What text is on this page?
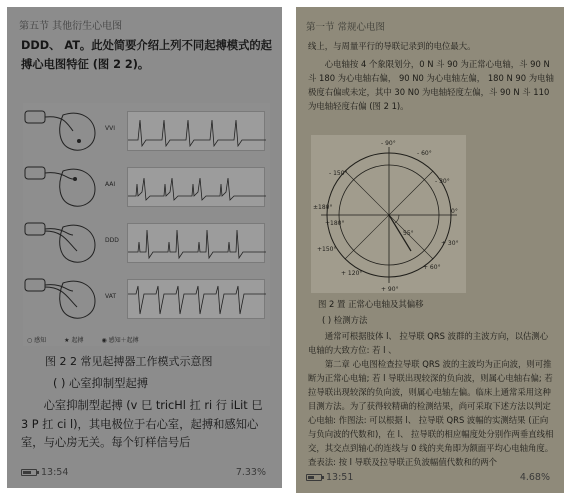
第五节 其他衍生心电图
DDD、 AT。此处简要介绍上列不同起搏模式的起搏心电图特征 (图 2 2)。
VVI
AAI
DDD
VAT
○ 感知	★ 起搏	◉ 感知＋起搏
图 2 2 常见起搏器工作模式示意图
( ) 心室抑制型起搏
心室抑制型起搏 (v 巳 tricHl 扛 ri 行 iLit 巳 3 P 扛 ci l)，其电极位于右心室，起搏和感知心室，与心房无关。每个钉样信号后
13:54	7.33%
第一节 常规心电图
线上，与周量平行的导联记录到的电位最大。
心电轴按 4 个象限划分，0 N 斗 90 为正常心电轴，斗 90 N 斗 180 为心电轴右偏， 90 N0 为心电轴左偏， 180 N 90 为电轴极度右偏或未定，其中 30 N0 为电轴轻度左偏，斗 90 N 斗 110 为电轴轻度右偏 (图 2 1)。
- 90°
- 60°
±180°
+180°
0°
+ 30°
+ 60°
+ 90°
+ 120°
+150°
- 30°
- 150°
55°
图 2 置 正常心电轴及其偏移
( ) 检测方法
通常可根据肢体 l、 拉导联 QRS 波群的主波方向，以估测心电轴的大致方位: 若 l 、
第二章 心电图检查拉导联 QRS 波的主波均为正向波，则可推断为正常心电轴; 若 l 导联出现较深的负向波，则属心电轴右偏; 若拉导联出现较深的负向波，则属心电轴左偏。临床上通常采用这种目测方法。为了获得较精确的检测结果，尚可采取下述方法以判定心电轴: 作图法: 可以根据 l、 拉导联 QRS 波幅的实测结果 (正向与负向波的代数和)，在 l、 拉导联的相应幅度处分别作两垂直线相交，其交点到轴心的连线与 0 线的夹角即为额面平均心电轴角度。 查表法: 按 l 导联及拉导联正负波幅值代数和的两个
13:51	4.68%
